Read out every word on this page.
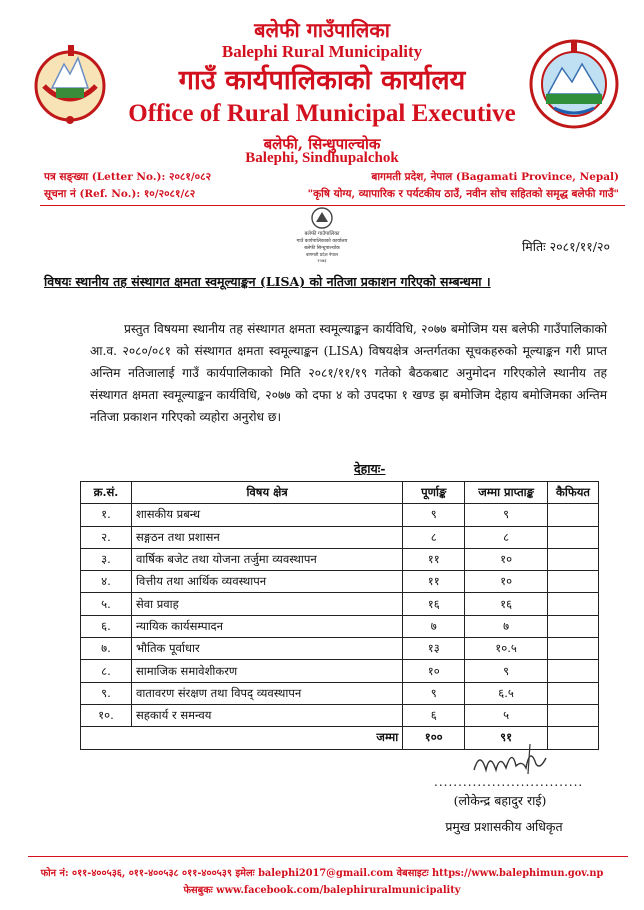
बलेफी गाउँपालिका
Balephi Rural Municipality
गाउँ कार्यपालिकाको कार्यालय
Office of Rural Municipal Executive
बलेफी, सिन्धुपाल्चोक
Balephi, Sindhupalchok
पत्र सङ्ख्या (Letter No.): २०८१/०८२	बागमती प्रदेश, नेपाल (Bagamati Province, Nepal)
सूचना नं (Ref. No.): १०/२०८१/८२	"कृषि योग्य, व्यापारिक र पर्यटकीय ठाउँ, नवीन सोच सहितको समृद्ध बलेफी गाउँ"
बलेफी गाउँपालिका
गाउँ कार्यपालिकाको कार्यालय
बलेफी सिन्धुपाल्चोक
बागमती प्रदेश नेपाल
२०७३
मितिः २०८१/११/२०
विषयः स्थानीय तह संस्थागत क्षमता स्वमूल्याङ्कन (LISA) को नतिजा प्रकाशन गरिएको सम्बन्धमा ।
प्रस्तुत विषयमा स्थानीय तह संस्थागत क्षमता स्वमूल्याङ्कन कार्यविधि, २०७७ बमोजिम यस बलेफी गाउँपालिकाको आ.व. २०८०/०८१ को संस्थागत क्षमता स्वमूल्याङ्कन (LISA) विषयक्षेत्र अन्तर्गतका सूचकहरुको मूल्याङ्कन गरी प्राप्त अन्तिम नतिजालाई गाउँ कार्यपालिकाको मिति २०८१/११/१९ गतेको बैठकबाट अनुमोदन गरिएकोले स्थानीय तह संस्थागत क्षमता स्वमूल्याङ्कन कार्यविधि, २०७७ को दफा ४ को उपदफा १ खण्ड झ बमोजिम देहाय बमोजिमका अन्तिम नतिजा प्रकाशन गरिएको व्यहोरा अनुरोध छ।
देहायः-
क्र.सं.	विषय क्षेत्र	पूर्णाङ्क	जम्मा प्राप्ताङ्क	कैफियत
१.	शासकीय प्रबन्ध	९	९	
२.	सङ्गठन तथा प्रशासन	८	८	
३.	वार्षिक बजेट तथा योजना तर्जुमा व्यवस्थापन	११	१०	
४.	वित्तीय तथा आर्थिक व्यवस्थापन	११	१०	
५.	सेवा प्रवाह	१६	१६	
६.	न्यायिक कार्यसम्पादन	७	७	
७.	भौतिक पूर्वाधार	१३	१०.५	
८.	सामाजिक समावेशीकरण	१०	९	
९.	वातावरण संरक्षण तथा विपद् व्यवस्थापन	९	६.५	
१०.	सहकार्य र समन्वय	६	५	
जम्मा		१००	९१	
...............................
(लोकेन्द्र बहादुर राई)
प्रमुख प्रशासकीय अधिकृत
फोन नं: ०११-४००५३६, ०११-४००५३८ ०११-४००५३९ इमेलः balephi2017@gmail.com वेबसाइटः https://www.balephimun.gov.np
फेसबुकः www.facebook.com/balephiruralmunicipality
